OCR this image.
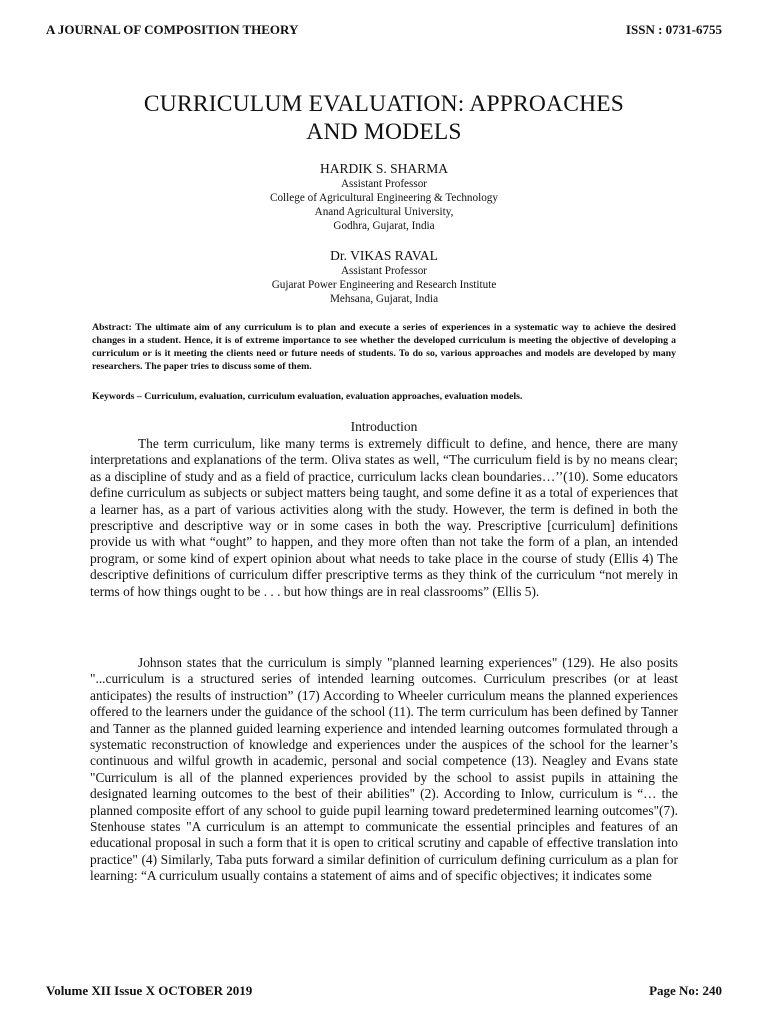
A JOURNAL OF COMPOSITION THEORY	ISSN : 0731-6755
CURRICULUM EVALUATION: APPROACHES
AND MODELS
HARDIK S. SHARMA
Assistant Professor
College of Agricultural Engineering & Technology
Anand Agricultural University,
Godhra, Gujarat, India
Dr. VIKAS RAVAL
Assistant Professor
Gujarat Power Engineering and Research Institute
Mehsana, Gujarat, India
Abstract: The ultimate aim of any curriculum is to plan and execute a series of experiences in a systematic way to achieve the desired changes in a student. Hence, it is of extreme importance to see whether the developed curriculum is meeting the objective of developing a curriculum or is it meeting the clients need or future needs of students. To do so, various approaches and models are developed by many researchers. The paper tries to discuss some of them.
Keywords – Curriculum, evaluation, curriculum evaluation, evaluation approaches, evaluation models.
Introduction

The term curriculum, like many terms is extremely difficult to define, and hence, there are many interpretations and explanations of the term. Oliva states as well, “The curriculum field is by no means clear; as a discipline of study and as a field of practice, curriculum lacks clean boundaries…’’(10). Some educators define curriculum as subjects or subject matters being taught, and some define it as a total of experiences that a learner has, as a part of various activities along with the study. However, the term is defined in both the prescriptive and descriptive way or in some cases in both the way. Prescriptive [curriculum] definitions provide us with what “ought” to happen, and they more often than not take the form of a plan, an intended program, or some kind of expert opinion about what needs to take place in the course of study (Ellis 4) The descriptive definitions of curriculum differ prescriptive terms as they think of the curriculum “not merely in terms of how things ought to be . . . but how things are in real classrooms” (Ellis 5).

Johnson states that the curriculum is simply "planned learning experiences" (129). He also posits "...curriculum is a structured series of intended learning outcomes. Curriculum prescribes (or at least anticipates) the results of instruction” (17) According to Wheeler curriculum means the planned experiences offered to the learners under the guidance of the school (11). The term curriculum has been defined by Tanner and Tanner as the planned guided learning experience and intended learning outcomes formulated through a systematic reconstruction of knowledge and experiences under the auspices of the school for the learner’s continuous and wilful growth in academic, personal and social competence (13). Neagley and Evans state "Curriculum is all of the planned experiences provided by the school to assist pupils in attaining the designated learning outcomes to the best of their abilities" (2). According to Inlow, curriculum is “… the planned composite effort of any school to guide pupil learning toward predetermined learning outcomes"(7). Stenhouse states "A curriculum is an attempt to communicate the essential principles and features of an educational proposal in such a form that it is open to critical scrutiny and capable of effective translation into practice" (4) Similarly, Taba puts forward a similar definition of curriculum defining curriculum as a plan for learning: “A curriculum usually contains a statement of aims and of specific objectives; it indicates some

Volume XII Issue X OCTOBER 2019	Page No: 240
